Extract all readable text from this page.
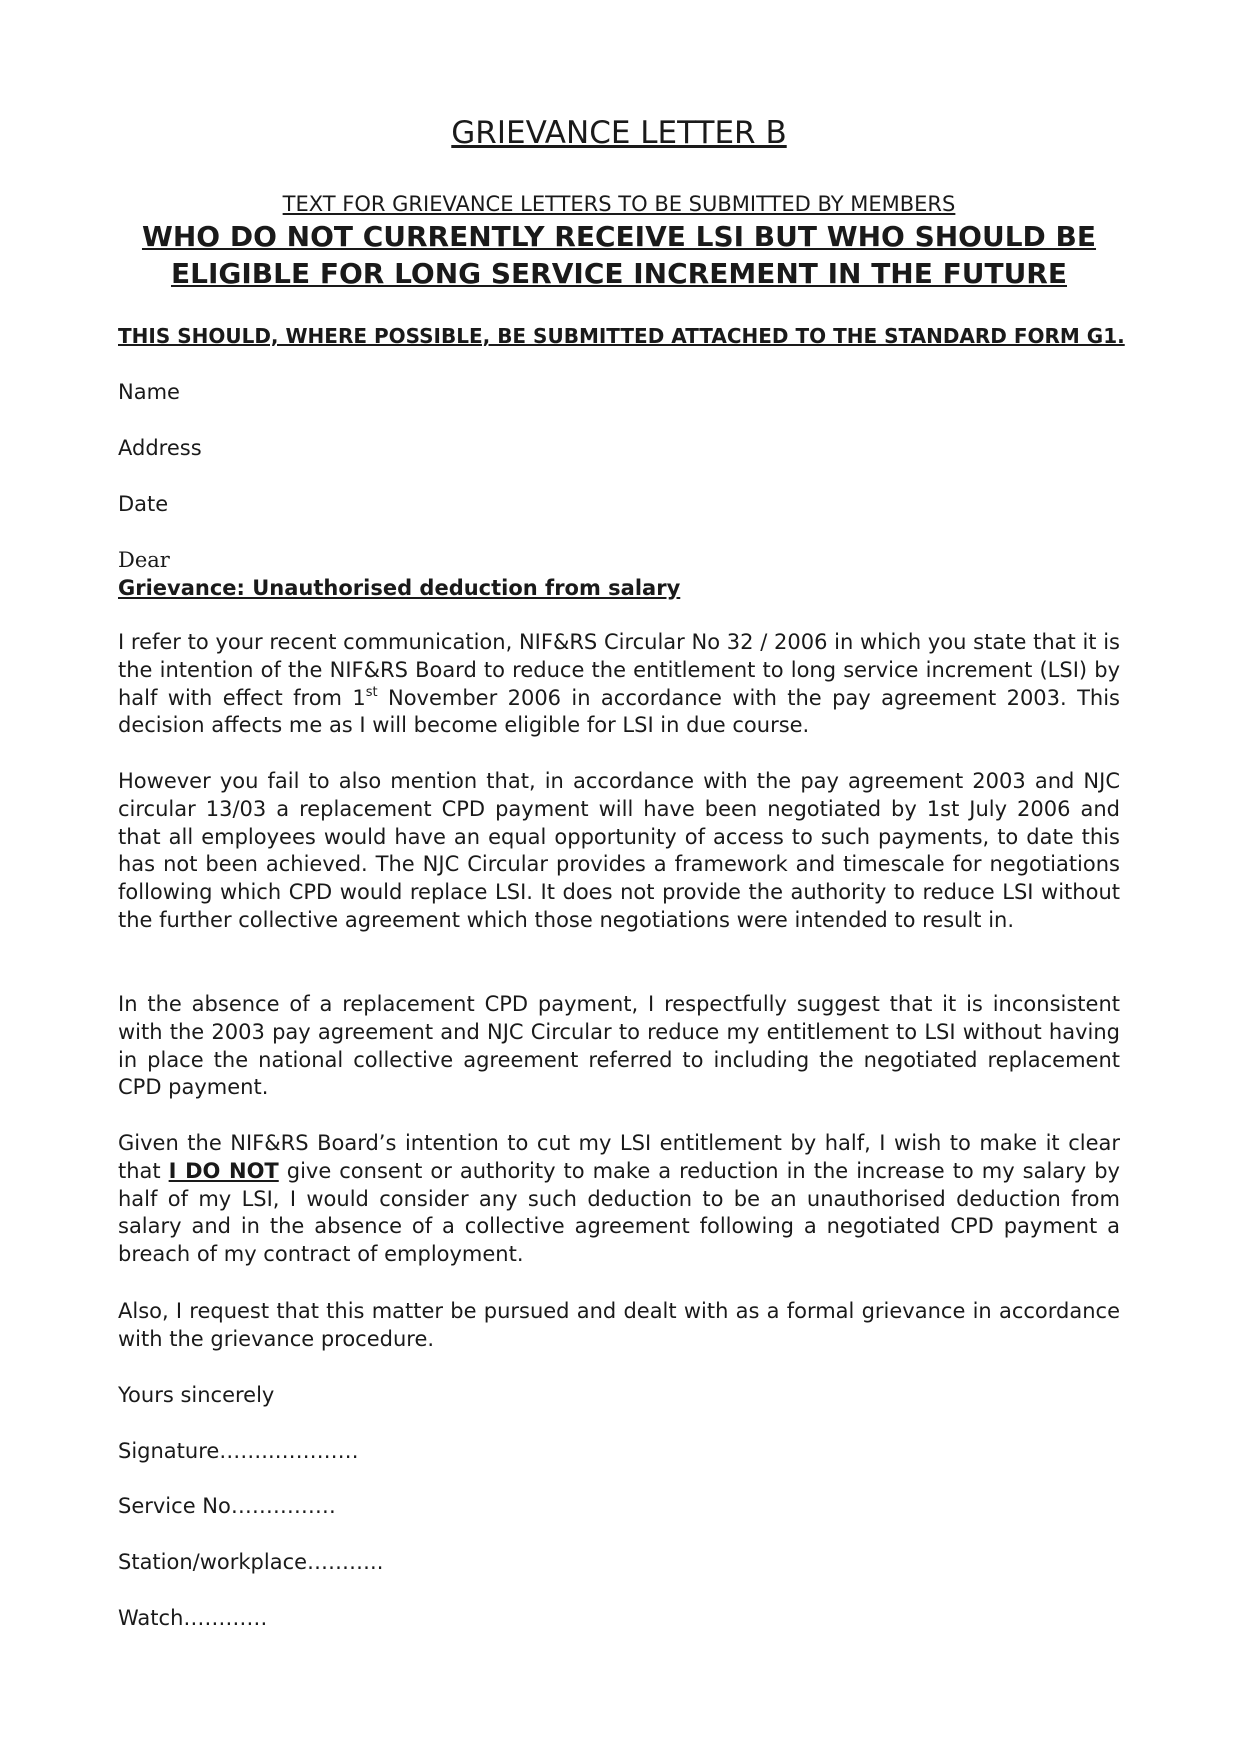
GRIEVANCE LETTER B
TEXT FOR GRIEVANCE LETTERS TO BE SUBMITTED BY MEMBERS
WHO DO NOT CURRENTLY RECEIVE LSI BUT WHO SHOULD BE
ELIGIBLE FOR LONG SERVICE INCREMENT IN THE FUTURE
THIS SHOULD, WHERE POSSIBLE, BE SUBMITTED ATTACHED TO THE STANDARD FORM G1.
Name
Address
Date
Dear
Grievance: Unauthorised deduction from salary

I refer to your recent communication, NIF&RS Circular No 32 / 2006 in which you state that it is the intention of the NIF&RS Board to reduce the entitlement to long service increment (LSI) by half with effect from 1st November 2006 in accordance with the pay agreement 2003. This decision affects me as I will become eligible for LSI in due course.

However you fail to also mention that, in accordance with the pay agreement 2003 and NJC circular 13/03 a replacement CPD payment will have been negotiated by 1st July 2006 and that all employees would have an equal opportunity of access to such payments, to date this has not been achieved. The NJC Circular provides a framework and timescale for negotiations following which CPD would replace LSI. It does not provide the authority to reduce LSI without the further collective agreement which those negotiations were intended to result in.

In the absence of a replacement CPD payment, I respectfully suggest that it is inconsistent with the 2003 pay agreement and NJC Circular to reduce my entitlement to LSI without having in place the national collective agreement referred to including the negotiated replacement CPD payment.

Given the NIF&RS Board’s intention to cut my LSI entitlement by half, I wish to make it clear that I DO NOT give consent or authority to make a reduction in the increase to my salary by half of my LSI, I would consider any such deduction to be an unauthorised deduction from salary and in the absence of a collective agreement following a negotiated CPD payment a breach of my contract of employment.

Also, I request that this matter be pursued and dealt with as a formal grievance in accordance with the grievance procedure.

Yours sincerely
Signature……..…………
Service No……………
Station/workplace………..
Watch…………
